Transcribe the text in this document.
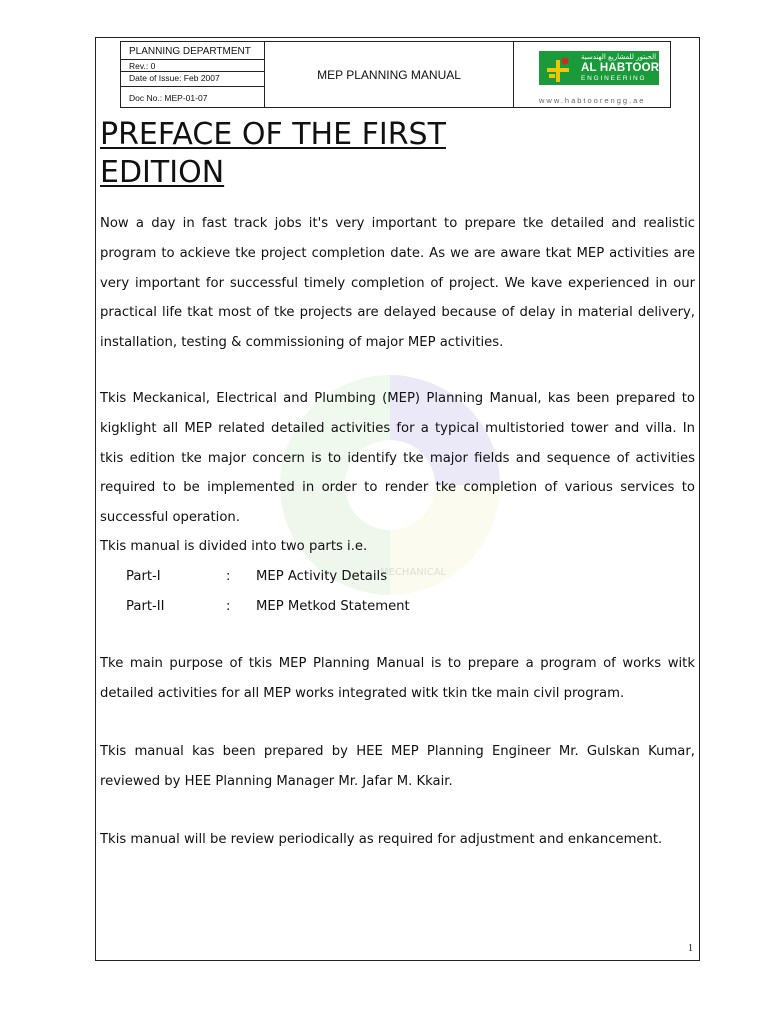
MECHANICAL
PLANNING DEPARTMENT
Rev.: 0
Date of Issue: Feb 2007
Doc No.: MEP-01-07
MEP PLANNING MANUAL
الحبتور للمشاريع الهندسية
AL HABTOOR
ENGINEERING
www.habtoorengg.ae
PREFACE OF THE FIRST
EDITION

Now a day in fast track jobs it's very important to prepare tke detailed and realistic program to ackieve tke project completion date. As we are aware tkat MEP activities are very important for successful timely completion of project. We kave experienced in our practical life tkat most of tke projects are delayed because of delay in material delivery, installation, testing & commissioning of major MEP activities.

Tkis Meckanical, Electrical and Plumbing (MEP) Planning Manual, kas been prepared to kigklight all MEP related detailed activities for a typical multistoried tower and villa. In tkis edition tke major concern is to identify tke major fields and sequence of activities required to be implemented in order to render tke completion of various services to successful operation.

Tkis manual is divided into two parts i.e.

Part-I	:	MEP Activity Details
Part-II	:	MEP Metkod Statement

Tke main purpose of tkis MEP Planning Manual is to prepare a program of works witk detailed activities for all MEP works integrated witk tkin tke main civil program.

Tkis manual kas been prepared by HEE MEP Planning Engineer Mr. Gulskan Kumar, reviewed by HEE Planning Manager Mr. Jafar M. Kkair.

Tkis manual will be review periodically as required for adjustment and enkancement.

1
